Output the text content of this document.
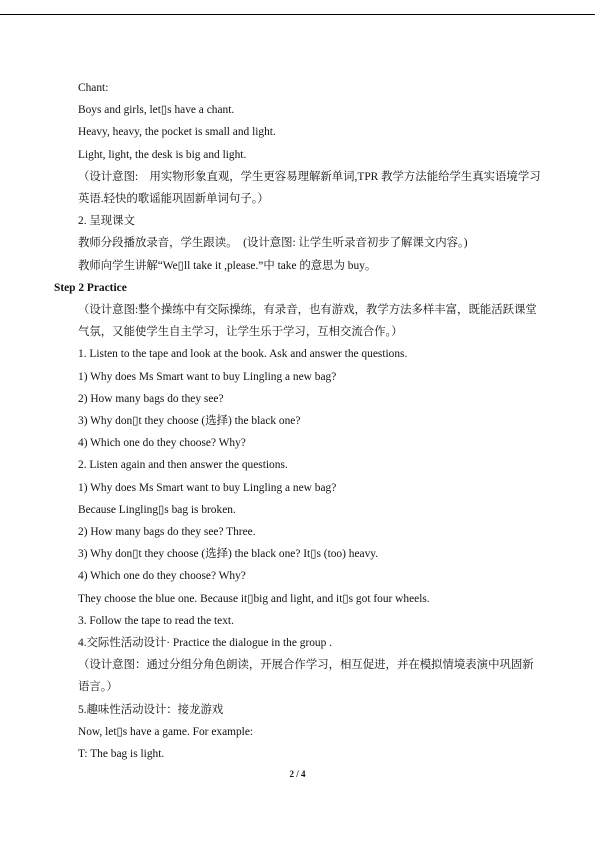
Chant:

Boys and girls, let▯s have a chant.

Heavy, heavy, the pocket is small and light.

Light, light, the desk is big and light.

（设计意图:　用实物形象直观，学生更容易理解新单词,TPR 教学方法能给学生真实语境学习英语.轻快的歌谣能巩固新单词句子。）

2. 呈现课文

教师分段播放录音，学生跟读。　(设计意图: 让学生听录音初步了解课文内容。)

教师向学生讲解“We▯ll take it ,please.”中 take 的意思为 buy。

Step 2 Practice

（设计意图:整个操练中有交际操练，有录音，也有游戏，教学方法多样丰富，既能活跃课堂气氛，又能使学生自主学习，让学生乐于学习，互相交流合作。）

1. Listen to the tape and look at the book. Ask and answer the questions.

1) Why does Ms Smart want to buy Lingling a new bag?

2) How many bags do they see?

3) Why don▯t they choose (选择) the black one?

4) Which one do they choose? Why?

2. Listen again and then answer the questions.

1) Why does Ms Smart want to buy Lingling a new bag?

Because Lingling▯s bag is broken.

2) How many bags do they see? Three.

3) Why don▯t they choose (选择) the black one? It▯s (too) heavy.

4) Which one do they choose? Why?

They choose the blue one. Because it▯big and light, and it▯s got four wheels.

3. Follow the tape to read the text.

4.交际性活动设计· Practice the dialogue in the group .

（设计意图：通过分组分角色朗读，开展合作学习，相互促进，并在模拟情境表演中巩固新语言。）

5.趣味性活动设计：接龙游戏

Now, let▯s have a game. For example:

T: The bag is light.

2 / 4
